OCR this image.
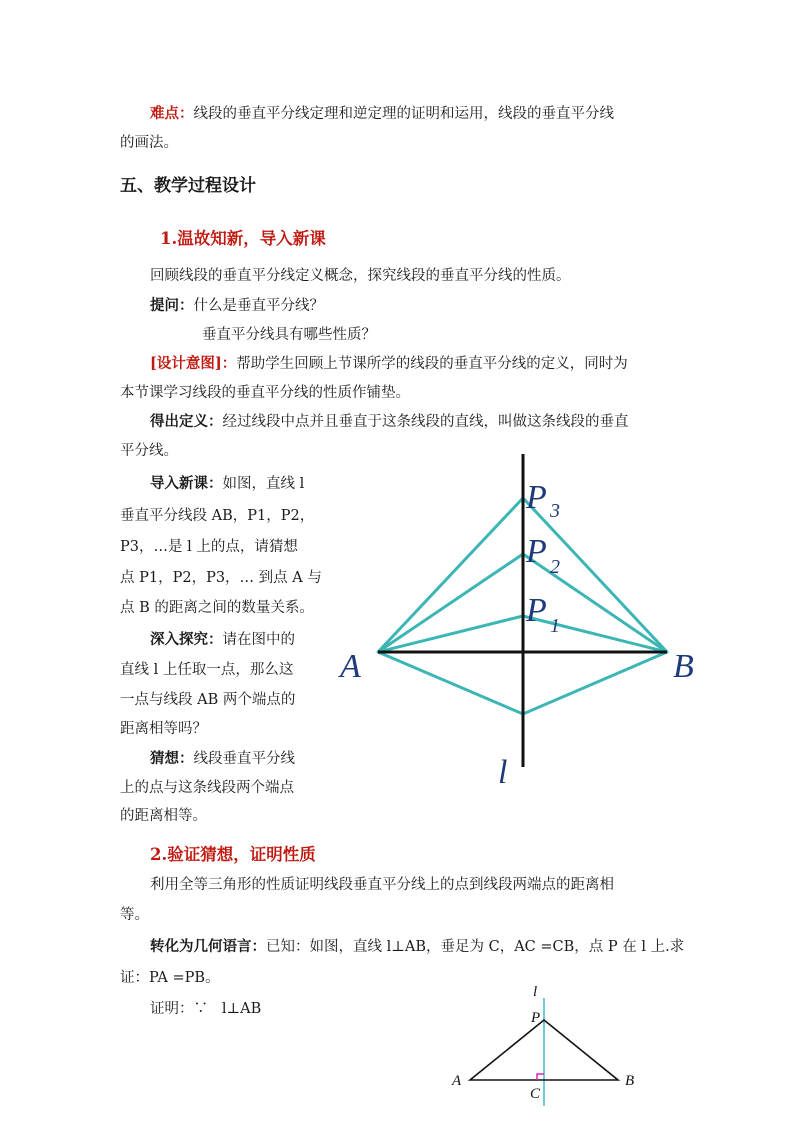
难点：线段的垂直平分线定理和逆定理的证明和运用，线段的垂直平分线
的画法。
五、教学过程设计
1.温故知新，导入新课
回顾线段的垂直平分线定义概念，探究线段的垂直平分线的性质。
提问：什么是垂直平分线？
垂直平分线具有哪些性质？
[设计意图]：帮助学生回顾上节课所学的线段的垂直平分线的定义，同时为
本节课学习线段的垂直平分线的性质作铺垫。
得出定义：经过线段中点并且垂直于这条线段的直线，叫做这条线段的垂直
平分线。
导入新课：如图，直线 l
垂直平分线段 AB，P1，P2，
P3，…是 l 上的点，请猜想
点 P1，P2，P3，… 到点 A 与
点 B 的距离之间的数量关系。
深入探究：请在图中的
直线 l 上任取一点，那么这
一点与线段 AB 两个端点的
距离相等吗？
猜想：线段垂直平分线
上的点与这条线段两个端点
的距离相等。
A	B
l
P 3
P 2
P 1
2.验证猜想，证明性质
利用全等三角形的性质证明线段垂直平分线上的点到线段两端点的距离相
等。
转化为几何语言：已知：如图，直线 l⊥AB，垂足为 C，AC =CB，点 P 在 l 上.求
证：PA =PB。
证明：∵ l⊥AB
l
P
A	B
C
